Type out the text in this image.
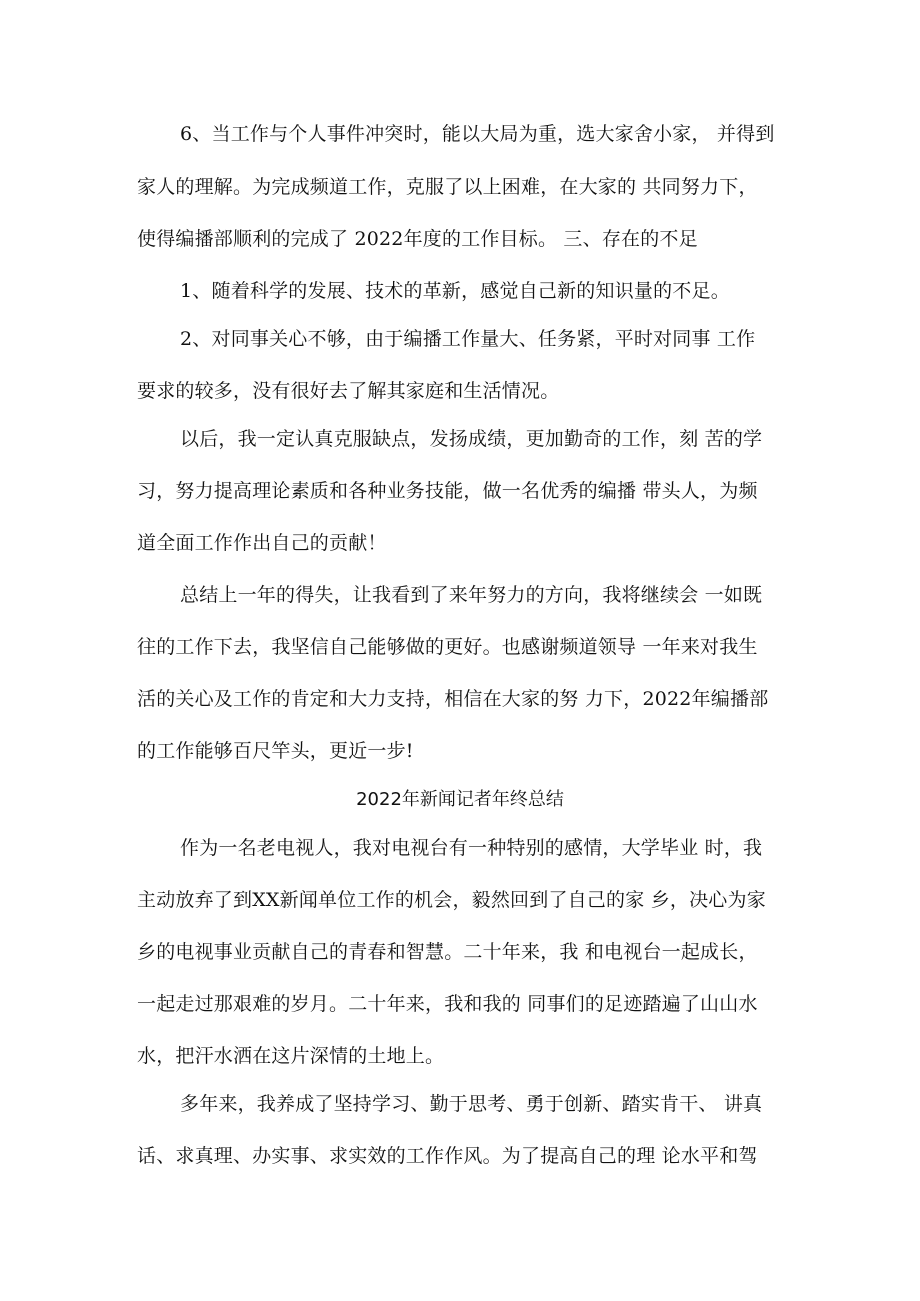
6、当工作与个人事件冲突时，能以大局为重，选大家舍小家， 并得到
家人的理解。为完成频道工作，克服了以上困难，在大家的 共同努力下，
使得编播部顺利的完成了 2022年度的工作目标。 三、存在的不足
1、随着科学的发展、技术的革新，感觉自己新的知识量的不足。
2、对同事关心不够，由于编播工作量大、任务紧，平时对同事 工作
要求的较多，没有很好去了解其家庭和生活情况。
以后，我一定认真克服缺点，发扬成绩，更加勤奇的工作，刻 苦的学
习，努力提高理论素质和各种业务技能，做一名优秀的编播 带头人，为频
道全面工作作出自己的贡献！
总结上一年的得失，让我看到了来年努力的方向，我将继续会 一如既
往的工作下去，我坚信自己能够做的更好。也感谢频道领导 一年来对我生
活的关心及工作的肯定和大力支持，相信在大家的努 力下，2022年编播部
的工作能够百尺竿头，更近一步!
2022年新闻记者年终总结
作为一名老电视人，我对电视台有一种特别的感情，大学毕业 时，我
主动放弃了到XX新闻单位工作的机会，毅然回到了自己的家 乡，决心为家
乡的电视事业贡献自己的青春和智慧。二十年来，我 和电视台一起成长，
一起走过那艰难的岁月。二十年来，我和我的 同事们的足迹踏遍了山山水
水，把汗水洒在这片深情的土地上。
多年来，我养成了坚持学习、勤于思考、勇于创新、踏实肯干、 讲真
话、求真理、办实事、求实效的工作作风。为了提高自己的理 论水平和驾
